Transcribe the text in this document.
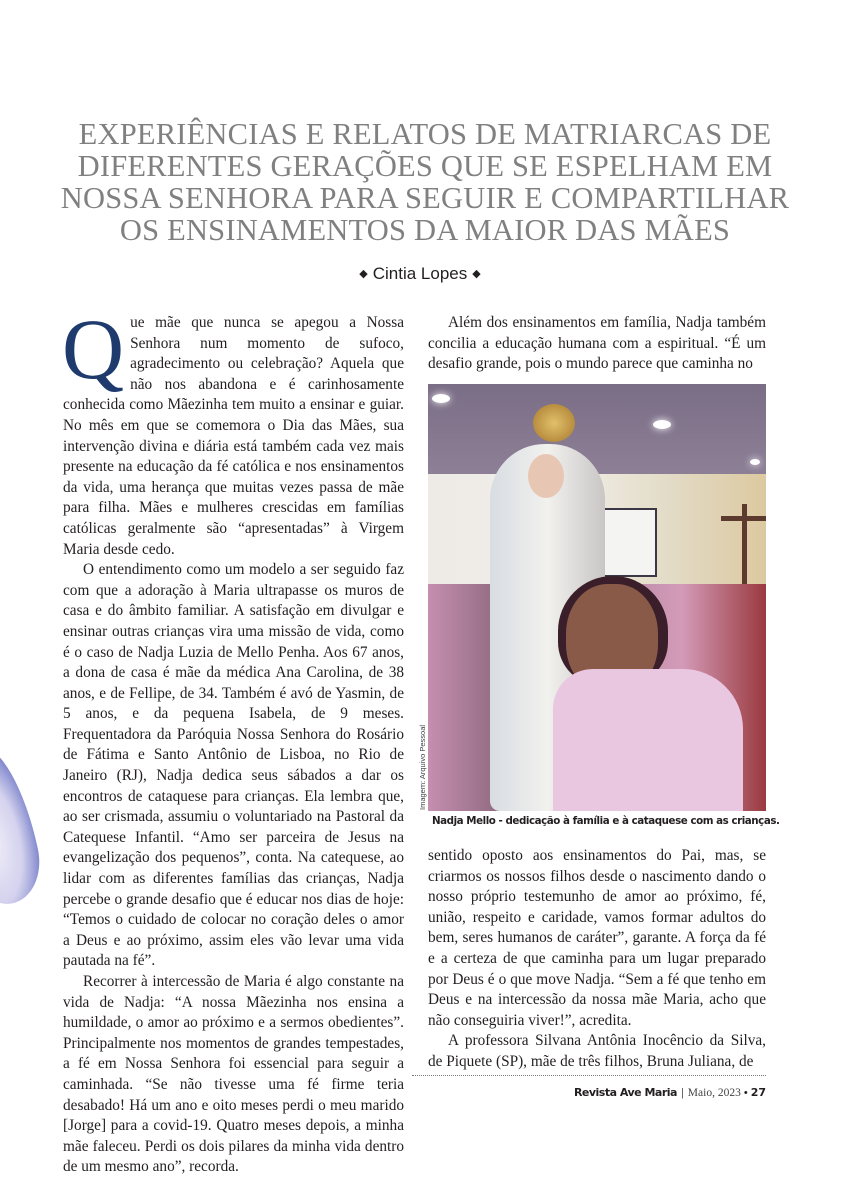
EXPERIÊNCIAS E RELATOS DE MATRIARCAS DE
DIFERENTES GERAÇÕES QUE SE ESPELHAM EM
NOSSA SENHORA PARA SEGUIR E COMPARTILHAR
OS ENSINAMENTOS DA MAIOR DAS MÃES
◆ Cintia Lopes ◆

Que mãe que nunca se apegou a Nossa Senhora num momento de sufoco, agradecimento ou celebração? Aquela que não nos abandona e é carinhosamente conhecida como Mãezinha tem muito a ensinar e guiar. No mês em que se comemora o Dia das Mães, sua intervenção divina e diária está também cada vez mais presente na educação da fé católica e nos ensinamentos da vida, uma herança que muitas vezes passa de mãe para filha. Mães e mulheres crescidas em famílias católicas geralmente são “apresentadas” à Virgem Maria desde cedo.

O entendimento como um modelo a ser seguido faz com que a adoração à Maria ultrapasse os muros de casa e do âmbito familiar. A satisfação em divulgar e ensinar outras crianças vira uma missão de vida, como é o caso de Nadja Luzia de Mello Penha. Aos 67 anos, a dona de casa é mãe da médica Ana Carolina, de 38 anos, e de Fellipe, de 34. Também é avó de Yasmin, de 5 anos, e da pequena Isabela, de 9 meses. Frequentadora da Paróquia Nossa Senhora do Rosário de Fátima e Santo Antônio de Lisboa, no Rio de Janeiro (RJ), Nadja dedica seus sábados a dar os encontros de cataquese para crianças. Ela lembra que, ao ser crismada, assumiu o voluntariado na Pastoral da Catequese Infantil. “Amo ser parceira de Jesus na evangelização dos pequenos”, conta. Na catequese, ao lidar com as diferentes famílias das crianças, Nadja percebe o grande desafio que é educar nos dias de hoje: “Temos o cuidado de colocar no coração deles o amor a Deus e ao próximo, assim eles vão levar uma vida pautada na fé”.

Recorrer à intercessão de Maria é algo constante na vida de Nadja: “A nossa Mãezinha nos ensina a humildade, o amor ao próximo e a sermos obedientes”. Principalmente nos momentos de grandes tempestades, a fé em Nossa Senhora foi essencial para seguir a caminhada. “Se não tivesse uma fé firme teria desabado! Há um ano e oito meses perdi o meu marido [Jorge] para a covid-19. Quatro meses depois, a minha mãe faleceu. Perdi os dois pilares da minha vida dentro de um mesmo ano”, recorda.

Além dos ensinamentos em família, Nadja também concilia a educação humana com a espiritual. “É um desafio grande, pois o mundo parece que caminha no

Imagem: Arquivo Pessoal
Nadja Mello - dedicação à família e à cataquese com as crianças.

sentido oposto aos ensinamentos do Pai, mas, se criarmos os nossos filhos desde o nascimento dando o nosso próprio testemunho de amor ao próximo, fé, união, respeito e caridade, vamos formar adultos do bem, seres humanos de caráter”, garante. A força da fé e a certeza de que caminha para um lugar preparado por Deus é o que move Nadja. “Sem a fé que tenho em Deus e na intercessão da nossa mãe Maria, acho que não conseguiria viver!”, acredita.

A professora Silvana Antônia Inocêncio da Silva, de Piquete (SP), mãe de três filhos, Bruna Juliana, de

Revista Ave Maria | Maio, 2023 • 27
